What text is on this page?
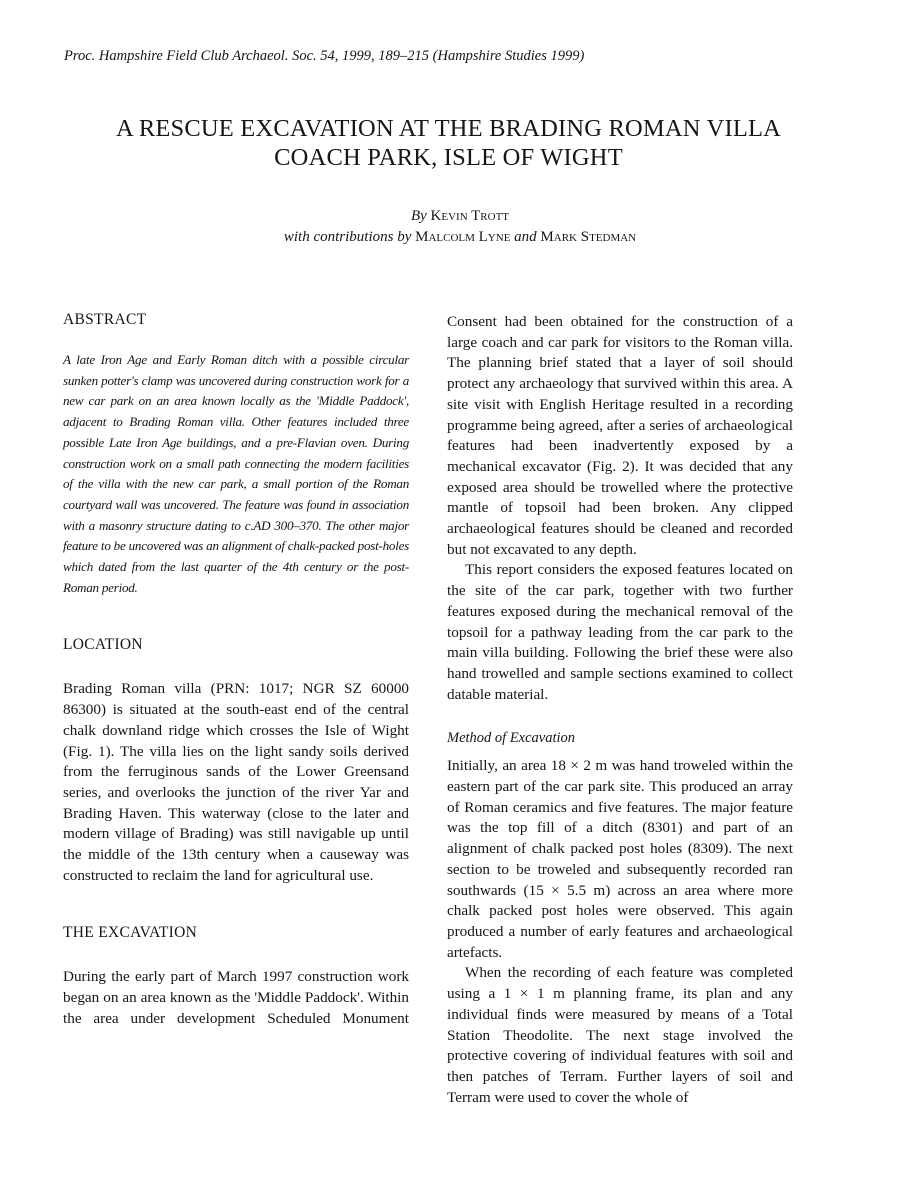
Proc. Hampshire Field Club Archaeol. Soc. 54, 1999, 189–215 (Hampshire Studies 1999)
A RESCUE EXCAVATION AT THE BRADING ROMAN VILLA
COACH PARK, ISLE OF WIGHT
By Kevin Trott
with contributions by Malcolm Lyne and Mark Stedman
ABSTRACT

A late Iron Age and Early Roman ditch with a possible circular sunken potter's clamp was uncovered during construction work for a new car park on an area known locally as the 'Middle Paddock', adjacent to Brading Roman villa. Other features included three possible Late Iron Age buildings, and a pre-Flavian oven. During construction work on a small path connecting the modern facilities of the villa with the new car park, a small portion of the Roman courtyard wall was uncovered. The feature was found in association with a masonry structure dating to c.AD 300–370. The other major feature to be uncovered was an alignment of chalk-packed post-holes which dated from the last quarter of the 4th century or the post-Roman period.

LOCATION

Brading Roman villa (PRN: 1017; NGR SZ 60000 86300) is situated at the south-east end of the central chalk downland ridge which crosses the Isle of Wight (Fig. 1). The villa lies on the light sandy soils derived from the ferruginous sands of the Lower Greensand series, and overlooks the junction of the river Yar and Brading Haven. This waterway (close to the later and modern village of Brading) was still navigable up until the middle of the 13th century when a causeway was constructed to reclaim the land for agricultural use.

THE EXCAVATION

During the early part of March 1997 construction work began on an area known as the 'Middle Paddock'. Within the area under development Scheduled Monument

Consent had been obtained for the construction of a large coach and car park for visitors to the Roman villa. The planning brief stated that a layer of soil should protect any archaeology that survived within this area. A site visit with English Heritage resulted in a recording programme being agreed, after a series of archaeological features had been inadvertently exposed by a mechanical excavator (Fig. 2). It was decided that any exposed area should be trowelled where the protective mantle of topsoil had been broken. Any clipped archaeological features should be cleaned and recorded but not excavated to any depth.

This report considers the exposed features located on the site of the car park, together with two further features exposed during the mechanical removal of the topsoil for a pathway leading from the car park to the main villa building. Following the brief these were also hand trowelled and sample sections examined to collect datable material.

Method of Excavation

Initially, an area 18 × 2 m was hand troweled within the eastern part of the car park site. This produced an array of Roman ceramics and five features. The major feature was the top fill of a ditch (8301) and part of an alignment of chalk packed post holes (8309). The next section to be troweled and subsequently recorded ran southwards (15 × 5.5 m) across an area where more chalk packed post holes were observed. This again produced a number of early features and archaeological artefacts.

When the recording of each feature was completed using a 1 × 1 m planning frame, its plan and any individual finds were measured by means of a Total Station Theodolite. The next stage involved the protective covering of individual features with soil and then patches of Terram. Further layers of soil and Terram were used to cover the whole of
